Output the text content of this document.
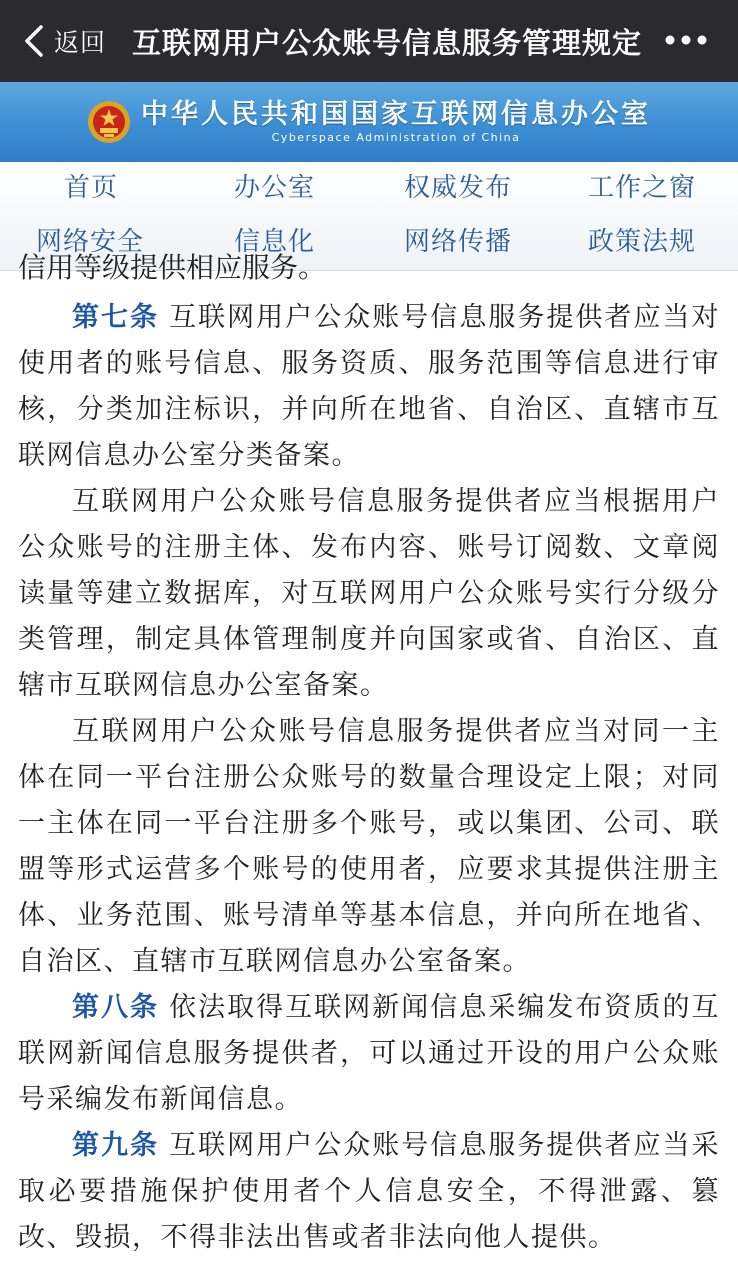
返回 互联网用户公众账号信息服务管理规定
中华人民共和国国家互联网信息办公室
Cyberspace Administration of China
首页	办公室	权威发布	工作之窗
网络安全	信息化	网络传播	政策法规
信用等级提供相应服务。

第七条 互联网用户公众账号信息服务提供者应当对使用者的账号信息、服务资质、服务范围等信息进行审核，分类加注标识，并向所在地省、自治区、直辖市互联网信息办公室分类备案。

互联网用户公众账号信息服务提供者应当根据用户公众账号的注册主体、发布内容、账号订阅数、文章阅读量等建立数据库，对互联网用户公众账号实行分级分类管理，制定具体管理制度并向国家或省、自治区、直辖市互联网信息办公室备案。

互联网用户公众账号信息服务提供者应当对同一主体在同一平台注册公众账号的数量合理设定上限；对同一主体在同一平台注册多个账号，或以集团、公司、联盟等形式运营多个账号的使用者，应要求其提供注册主体、业务范围、账号清单等基本信息，并向所在地省、自治区、直辖市互联网信息办公室备案。

第八条 依法取得互联网新闻信息采编发布资质的互联网新闻信息服务提供者，可以通过开设的用户公众账号采编发布新闻信息。

第九条 互联网用户公众账号信息服务提供者应当采取必要措施保护使用者个人信息安全，不得泄露、篡改、毁损，不得非法出售或者非法向他人提供。
